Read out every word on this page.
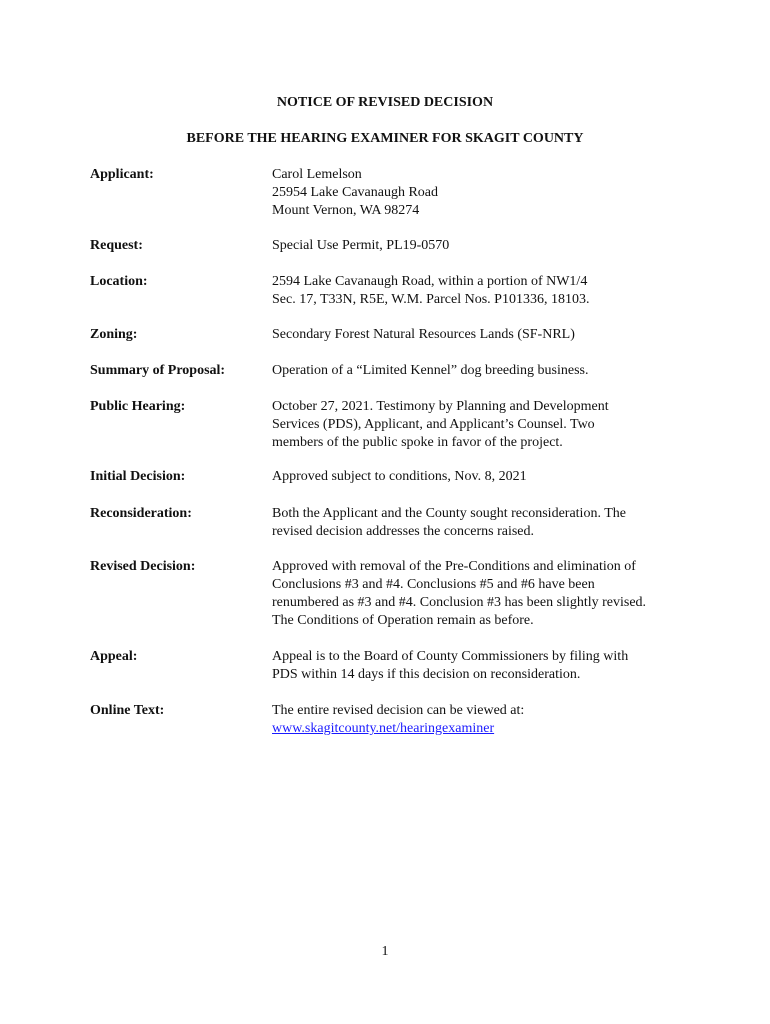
NOTICE OF REVISED DECISION
BEFORE THE HEARING EXAMINER FOR SKAGIT COUNTY
Applicant:	Carol Lemelson
25954 Lake Cavanaugh Road
Mount Vernon, WA 98274
Request:	Special Use Permit, PL19-0570
Location:	2594 Lake Cavanaugh Road, within a portion of NW1/4
Sec. 17, T33N, R5E, W.M. Parcel Nos. P101336, 18103.
Zoning:	Secondary Forest Natural Resources Lands (SF-NRL)
Summary of Proposal:	Operation of a “Limited Kennel” dog breeding business.
Public Hearing:	October 27, 2021. Testimony by Planning and Development
Services (PDS), Applicant, and Applicant’s Counsel. Two
members of the public spoke in favor of the project.
Initial Decision:	Approved subject to conditions, Nov. 8, 2021
Reconsideration:	Both the Applicant and the County sought reconsideration. The
revised decision addresses the concerns raised.
Revised Decision:	Approved with removal of the Pre-Conditions and elimination of
Conclusions #3 and #4. Conclusions #5 and #6 have been
renumbered as #3 and #4. Conclusion #3 has been slightly revised.
The Conditions of Operation remain as before.
Appeal:	Appeal is to the Board of County Commissioners by filing with
PDS within 14 days if this decision on reconsideration.
Online Text:	The entire revised decision can be viewed at:
www.skagitcounty.net/hearingexaminer
1
